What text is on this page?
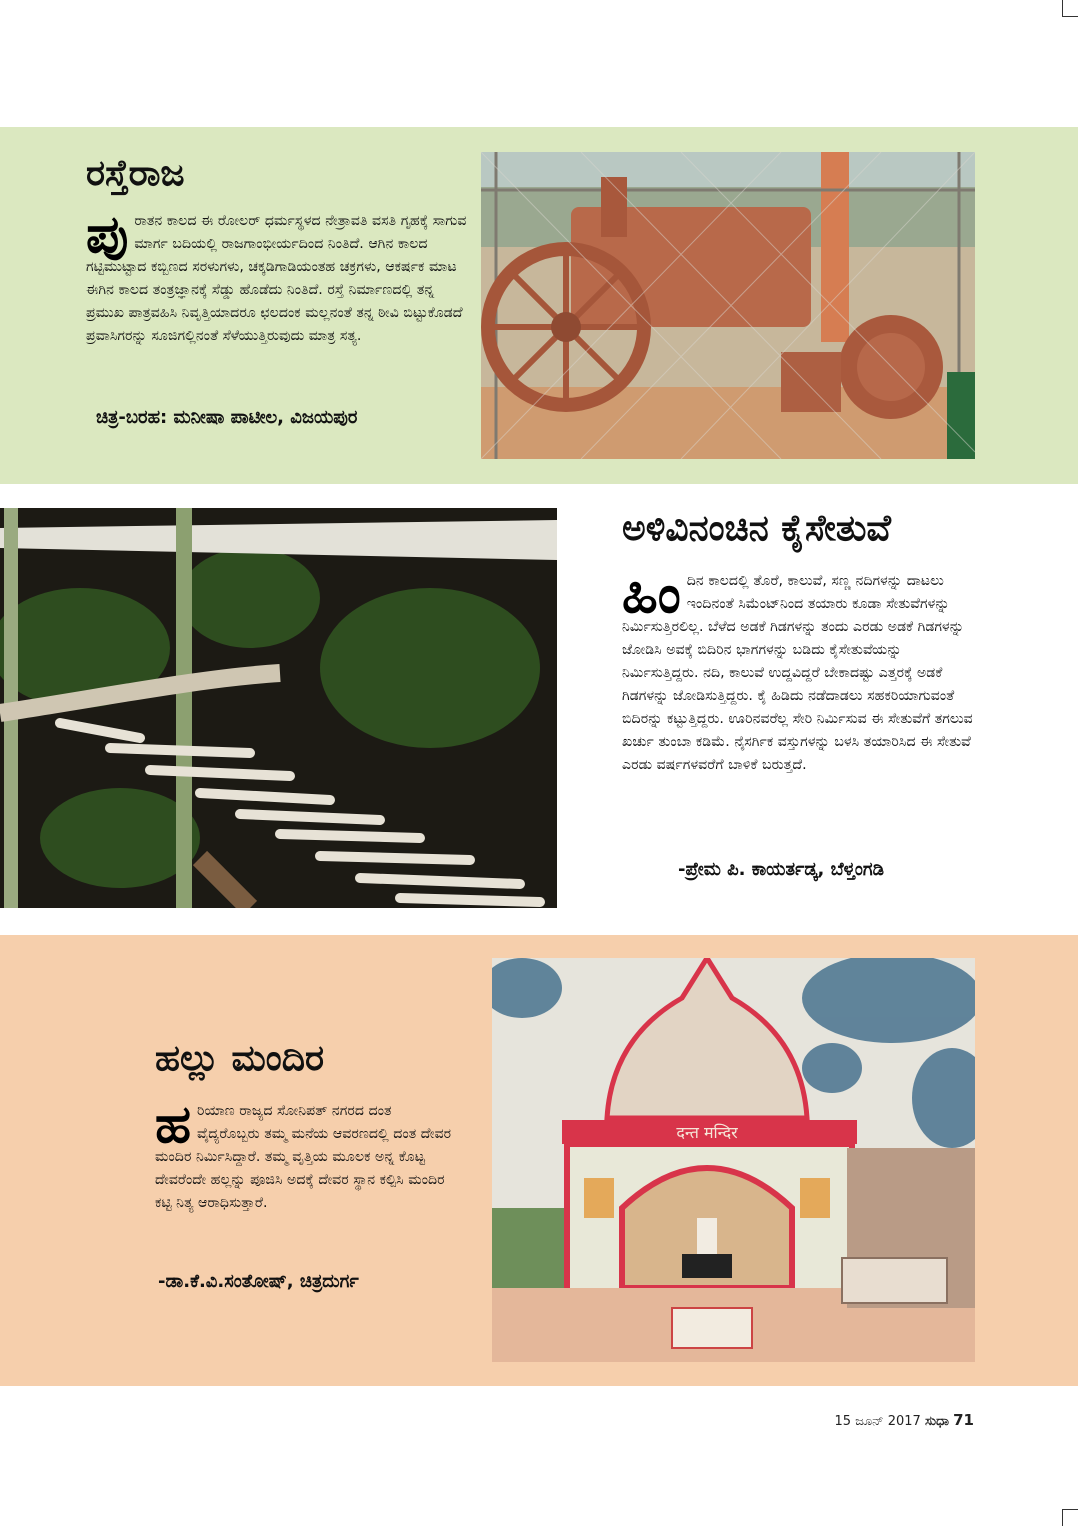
ರಸ್ತೆರಾಜ
ಪು ರಾತನ ಕಾಲದ ಈ ರೋಲರ್ ಧರ್ಮಸ್ಥಳದ ನೇತ್ರಾವತಿ ವಸತಿ ಗೃಹಕ್ಕೆ ಸಾಗುವ ಮಾರ್ಗ ಬದಿಯಲ್ಲಿ ರಾಜಗಾಂಭೀರ್ಯದಿಂದ ನಿಂತಿದೆ. ಆಗಿನ ಕಾಲದ ಗಟ್ಟಿಮುಟ್ಟಾದ ಕಬ್ಬಿಣದ ಸರಳುಗಳು, ಚಕ್ಕಡಿಗಾಡಿಯಂತಹ ಚಕ್ರಗಳು, ಆಕರ್ಷಕ ಮಾಟ ಈಗಿನ ಕಾಲದ ತಂತ್ರಜ್ಞಾನಕ್ಕೆ ಸೆಡ್ಡು ಹೊಡೆದು ನಿಂತಿದೆ. ರಸ್ತೆ ನಿರ್ಮಾಣದಲ್ಲಿ ತನ್ನ ಪ್ರಮುಖ ಪಾತ್ರವಹಿಸಿ ನಿವೃತ್ತಿಯಾದರೂ ಛಲದಂಕ ಮಲ್ಲನಂತೆ ತನ್ನ ಠೀವಿ ಬಿಟ್ಟುಕೊಡದೆ ಪ್ರವಾಸಿಗರನ್ನು ಸೂಜಿಗಲ್ಲಿನಂತೆ ಸೆಳೆಯುತ್ತಿರುವುದು ಮಾತ್ರ ಸತ್ಯ.

ಚಿತ್ರ-ಬರಹ: ಮನೀಷಾ ಪಾಟೀಲ, ವಿಜಯಪುರ
ಅಳಿವಿನಂಚಿನ ಕೈಸೇತುವೆ
ಹಿಂ ದಿನ ಕಾಲದಲ್ಲಿ ತೊರೆ, ಕಾಲುವೆ, ಸಣ್ಣ ನದಿಗಳನ್ನು ದಾಟಲು ಇಂದಿನಂತೆ ಸಿಮೆಂಟ್‌ನಿಂದ ತಯಾರು ಕೂಡಾ ಸೇತುವೆಗಳನ್ನು ನಿರ್ಮಿಸುತ್ತಿರಲಿಲ್ಲ. ಬೆಳೆದ ಅಡಕೆ ಗಿಡಗಳನ್ನು ತಂದು ಎರಡು ಅಡಕೆ ಗಿಡಗಳನ್ನು ಜೋಡಿಸಿ ಅವಕ್ಕೆ ಬಿದಿರಿನ ಭಾಗಗಳನ್ನು ಬಡಿದು ಕೈಸೇತುವೆಯನ್ನು ನಿರ್ಮಿಸುತ್ತಿದ್ದರು. ನದಿ, ಕಾಲುವೆ ಉದ್ದವಿದ್ದರೆ ಬೇಕಾದಷ್ಟು ಎತ್ತರಕ್ಕೆ ಅಡಕೆ ಗಿಡಗಳನ್ನು ಜೋಡಿಸುತ್ತಿದ್ದರು. ಕೈ ಹಿಡಿದು ನಡೆದಾಡಲು ಸಹಕರಿಯಾಗುವಂತೆ ಬಿದಿರನ್ನು ಕಟ್ಟುತ್ತಿದ್ದರು. ಊರಿನವರೆಲ್ಲ ಸೇರಿ ನಿರ್ಮಿಸುವ ಈ ಸೇತುವೆಗೆ ತಗಲುವ ಖರ್ಚು ತುಂಬಾ ಕಡಿಮೆ. ನೈಸರ್ಗಿಕ ವಸ್ತುಗಳನ್ನು ಬಳಸಿ ತಯಾರಿಸಿದ ಈ ಸೇತುವೆ ಎರಡು ವರ್ಷಗಳವರೆಗೆ ಬಾಳಿಕೆ ಬರುತ್ತದೆ.

-ಪ್ರೇಮ ಪಿ. ಕಾಯರ್ತಡ್ಕ, ಬೆಳ್ತಂಗಡಿ
दन्त मन्दिर
ಹಲ್ಲು ಮಂದಿರ
ಹ ರಿಯಾಣ ರಾಜ್ಯದ ಸೋನಿಪತ್ ನಗರದ ದಂತ ವೈದ್ಯರೊಬ್ಬರು ತಮ್ಮ ಮನೆಯ ಆವರಣದಲ್ಲಿ ದಂತ ದೇವರ ಮಂದಿರ ನಿರ್ಮಿಸಿದ್ದಾರೆ. ತಮ್ಮ ವೃತ್ತಿಯ ಮೂಲಕ ಅನ್ನ ಕೊಟ್ಟ ದೇವರೆಂದೇ ಹಲ್ಲನ್ನು ಪೂಜಿಸಿ ಅದಕ್ಕೆ ದೇವರ ಸ್ಥಾನ ಕಲ್ಪಿಸಿ ಮಂದಿರ ಕಟ್ಟಿ ನಿತ್ಯ ಆರಾಧಿಸುತ್ತಾರೆ.

-ಡಾ.ಕೆ.ವಿ.ಸಂತೋಷ್, ಚಿತ್ರದುರ್ಗ
15 ಜೂನ್ 2017 ಸುಧಾ 71
